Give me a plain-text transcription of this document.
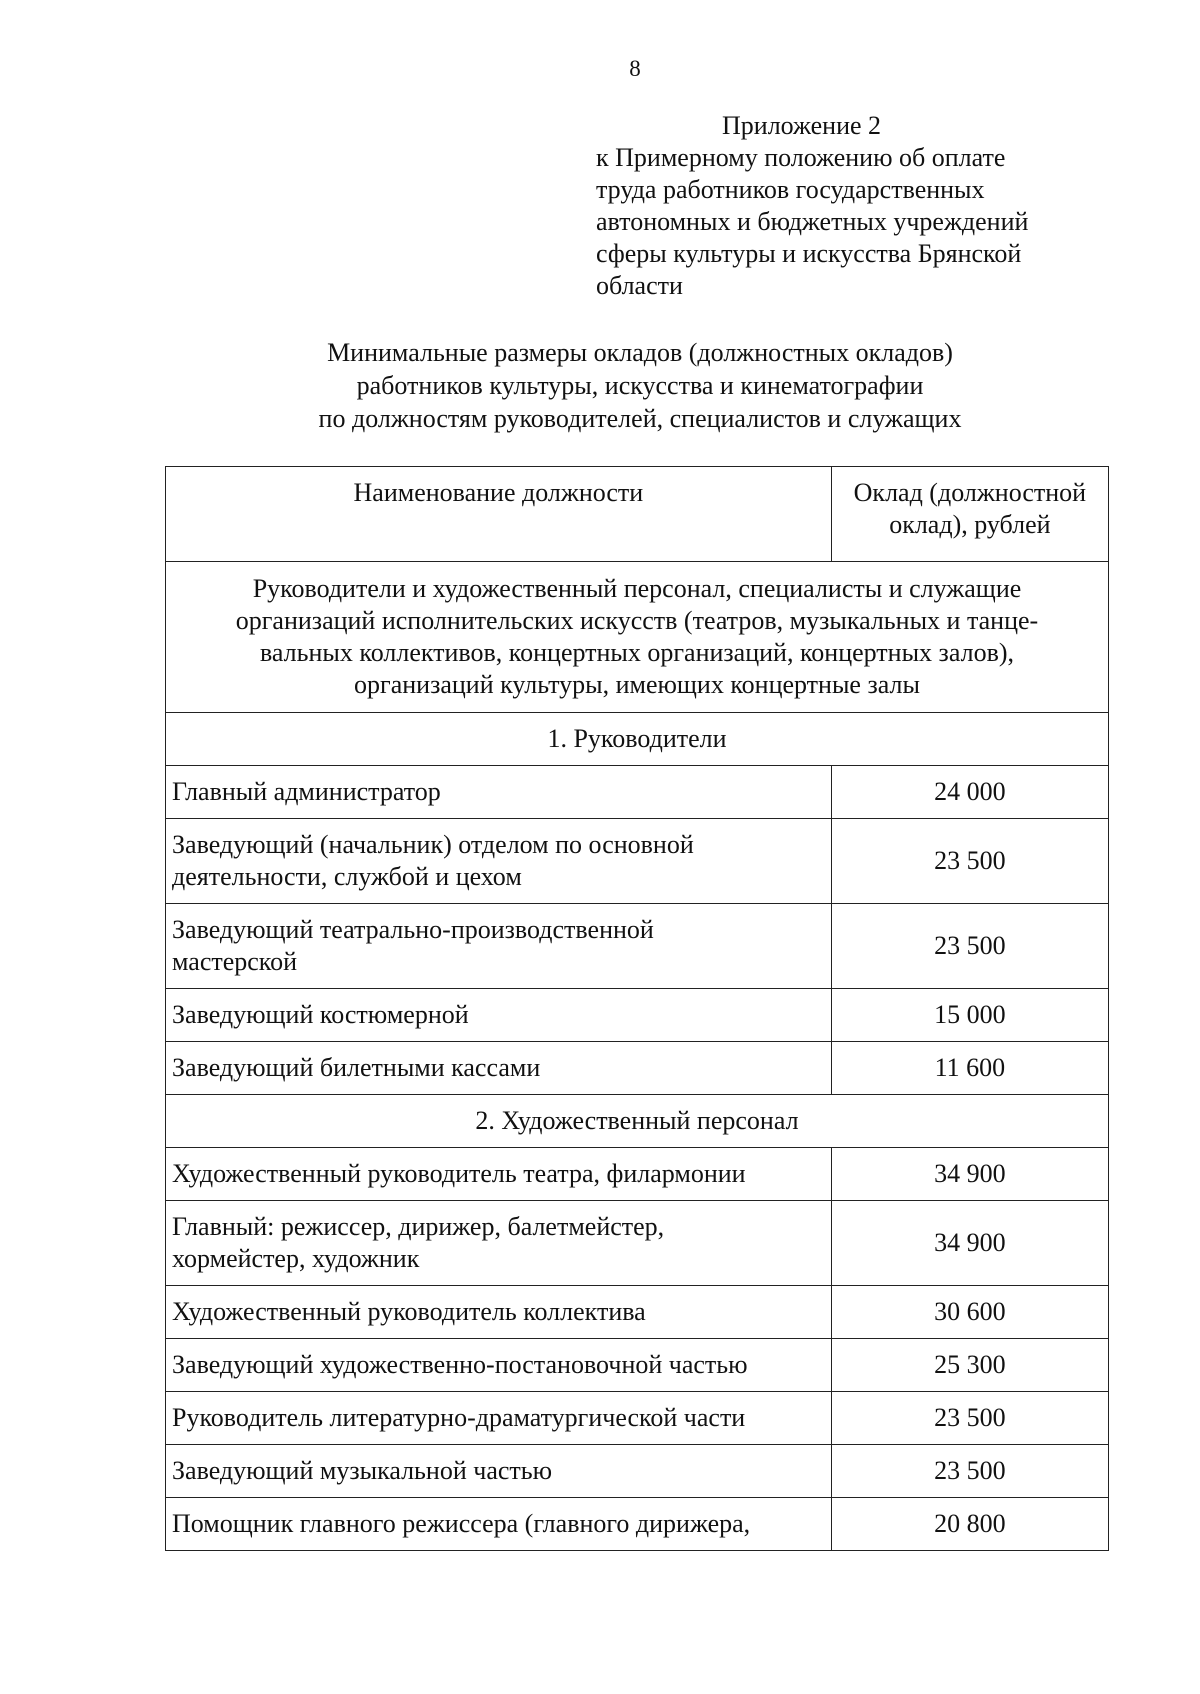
8
Приложение 2
к Примерному положению об оплате
труда работников государственных
автономных и бюджетных учреждений
сферы культуры и искусства Брянской
области
Минимальные размеры окладов (должностных окладов)
работников культуры, искусства и кинематографии
по должностям руководителей, специалистов и служащих
Наименование должности	Оклад (должностной
оклад), рублей

Руководители и художественный персонал, специалисты и служащие
организаций исполнительских искусств (театров, музыкальных и танце-
вальных коллективов, концертных организаций, концертных залов),
организаций культуры, имеющих концертные залы	

1. Руководители	

Главный администратор	24 000

Заведующий (начальник) отделом по основной
деятельности, службой и цехом	23 500

Заведующий театрально-производственной
мастерской	23 500

Заведующий костюмерной	15 000

Заведующий билетными кассами	11 600
2. Художественный персонал	

Художественный руководитель театра, филармонии	34 900

Главный: режиссер, дирижер, балетмейстер,
хормейстер, художник	34 900

Художественный руководитель коллектива	30 600

Заведующий художественно-постановочной частью	25 300

Руководитель литературно-драматургической части	23 500

Заведующий музыкальной частью	23 500

Помощник главного режиссера (главного дирижера,	20 800
